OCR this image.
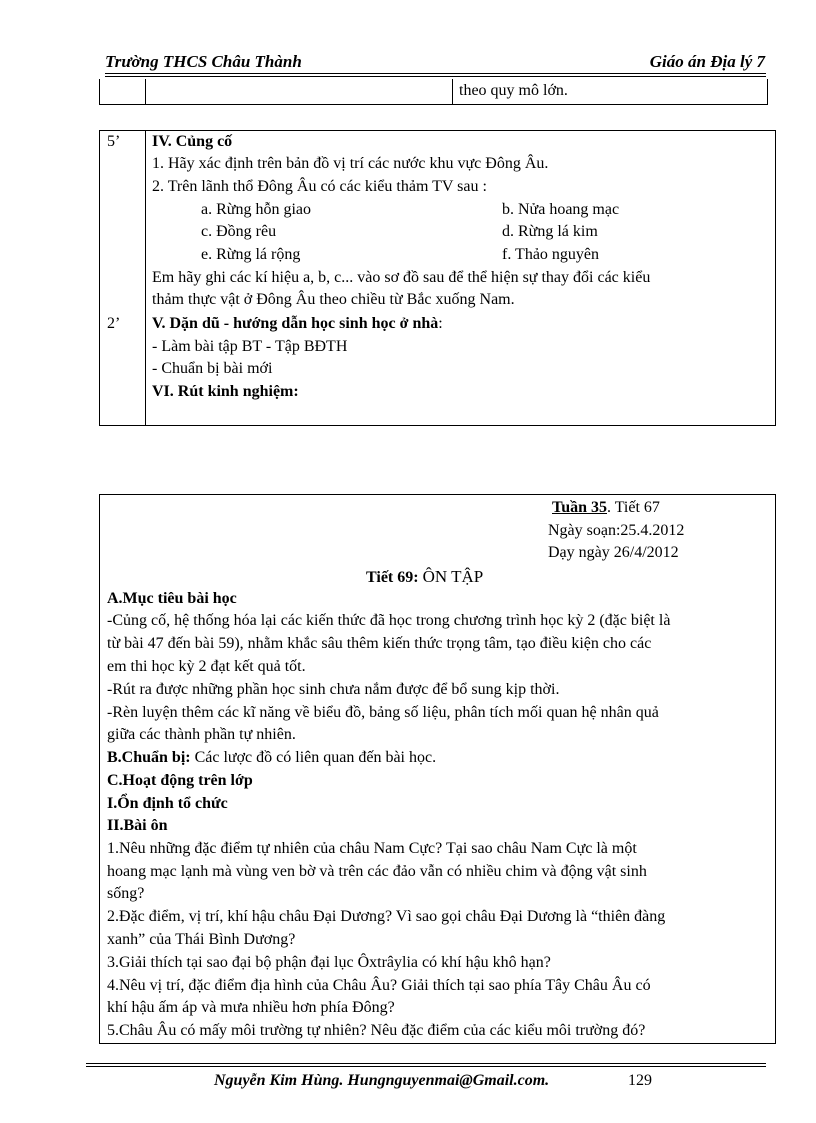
Trường THCS Châu Thành	Giáo án Địa lý 7
theo quy mô lớn.
5’ IV. Củng cố
1. Hãy xác định trên bản đồ vị trí các nước khu vực Đông Âu.
2. Trên lãnh thổ Đông Âu có các kiểu thảm TV sau :
a. Rừng hỗn giao	b. Nửa hoang mạc
c. Đồng rêu	d. Rừng lá kim
e. Rừng lá rộng	f. Thảo nguyên
Em hãy ghi các kí hiệu a, b, c... vào sơ đồ sau để thể hiện sự thay đổi các kiểu
thảm thực vật ở Đông Âu theo chiều từ Bắc xuống Nam.
2’ V. Dặn dũ - hướng dẫn học sinh học ở nhà:
- Làm bài tập BT - Tập BĐTH
- Chuẩn bị bài mới
VI. Rút kinh nghiệm:
Tuần 35. Tiết 67
Ngày soạn:25.4.2012
Dạy ngày 26/4/2012
Tiết 69: ÔN TẬP
A.Mục tiêu bài học
-Củng cố, hệ thống hóa lại các kiến thức đã học trong chương trình học kỳ 2 (đặc biệt là
từ bài 47 đến bài 59), nhằm khắc sâu thêm kiến thức trọng tâm, tạo điều kiện cho các
em thi học kỳ 2 đạt kết quả tốt.
-Rút ra được những phần học sinh chưa nắm được để bổ sung kịp thời.
-Rèn luyện thêm các kĩ năng về biểu đồ, bảng số liệu, phân tích mối quan hệ nhân quả
giữa các thành phần tự nhiên.
B.Chuẩn bị: Các lược đồ có liên quan đến bài học.
C.Hoạt động trên lớp
I.Ổn định tổ chức
II.Bài ôn
1.Nêu những đặc điểm tự nhiên của châu Nam Cực? Tại sao châu Nam Cực là một
hoang mạc lạnh mà vùng ven bờ và trên các đảo vẫn có nhiều chim và động vật sinh
sống?
2.Đặc điểm, vị trí, khí hậu châu Đại Dương? Vì sao gọi châu Đại Dương là “thiên đàng
xanh” của Thái Bình Dương?
3.Giải thích tại sao đại bộ phận đại lục Ôxtrâylia có khí hậu khô hạn?
4.Nêu vị trí, đặc điểm địa hình của Châu Âu? Giải thích tại sao phía Tây Châu Âu có
khí hậu ấm áp và mưa nhiều hơn phía Đông?
5.Châu Âu có mấy môi trường tự nhiên? Nêu đặc điểm của các kiểu môi trường đó?
Nguyễn Kim Hùng. Hungnguyenmai@Gmail.com.	129
